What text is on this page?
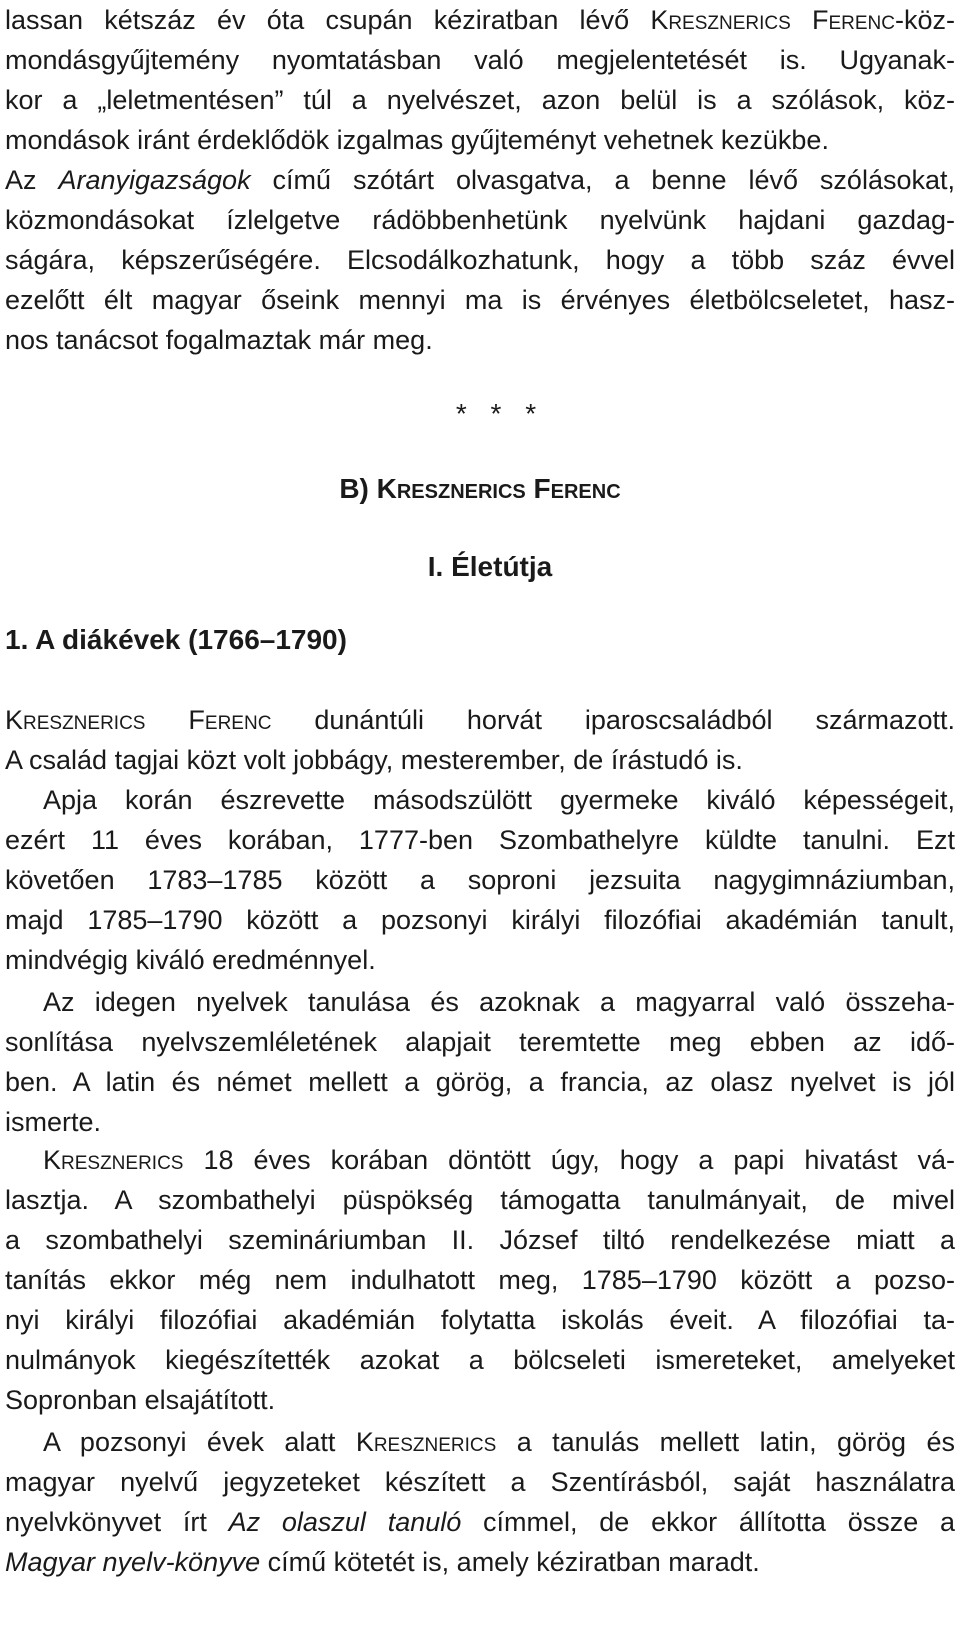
lassan kétszáz év óta csupán kéziratban lévő Kresznerics Ferenc-köz-
mondásgyűjtemény nyomtatásban való megjelentetését is. Ugyanak-
kor a „leletmentésen” túl a nyelvészet, azon belül is a szólások, köz-
mondások iránt érdeklődök izgalmas gyűjteményt vehetnek kezükbe.
Az Aranyigazságok című szótárt olvasgatva, a benne lévő szólásokat,
közmondásokat ízlelgetve rádöbbenhetünk nyelvünk hajdani gazdag-
ságára, képszerűségére. Elcsodálkozhatunk, hogy a több száz évvel
ezelőtt élt magyar őseink mennyi ma is érvényes életbölcseletet, hasz-
nos tanácsot fogalmaztak már meg.
* * *
B) Kresznerics Ferenc
I. Életútja
1. A diákévek (1766–1790)
Kresznerics Ferenc dunántúli horvát iparoscsaládból származott.
A család tagjai közt volt jobbágy, mesterember, de írástudó is.
Apja korán észrevette másodszülött gyermeke kiváló képességeit,
ezért 11 éves korában, 1777-ben Szombathelyre küldte tanulni. Ezt
követően 1783–1785 között a soproni jezsuita nagygimnáziumban,
majd 1785–1790 között a pozsonyi királyi filozófiai akadémián tanult,
mindvégig kiváló eredménnyel.
Az idegen nyelvek tanulása és azoknak a magyarral való összeha-
sonlítása nyelvszemléletének alapjait teremtette meg ebben az idő-
ben. A latin és német mellett a görög, a francia, az olasz nyelvet is jól
ismerte.
Kresznerics 18 éves korában döntött úgy, hogy a papi hivatást vá-
lasztja. A szombathelyi püspökség támogatta tanulmányait, de mivel
a szombathelyi szemináriumban II. József tiltó rendelkezése miatt a
tanítás ekkor még nem indulhatott meg, 1785–1790 között a pozso-
nyi királyi filozófiai akadémián folytatta iskolás éveit. A filozófiai ta-
nulmányok kiegészítették azokat a bölcseleti ismereteket, amelyeket
Sopronban elsajátított.
A pozsonyi évek alatt Kresznerics a tanulás mellett latin, görög és
magyar nyelvű jegyzeteket készített a Szentírásból, saját használatra
nyelvkönyvet írt Az olaszul tanuló címmel, de ekkor állította össze a
Magyar nyelv-könyve című kötetét is, amely kéziratban maradt.
